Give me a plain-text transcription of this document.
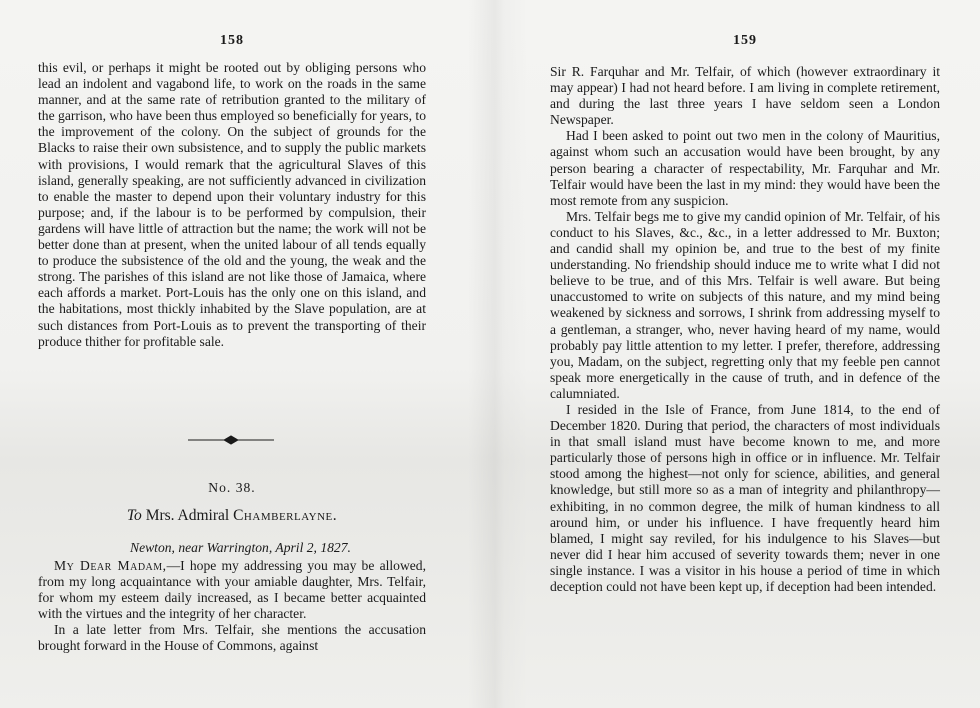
158

this evil, or perhaps it might be rooted out by obliging persons who lead an indolent and vagabond life, to work on the roads in the same manner, and at the same rate of retribution granted to the military of the garrison, who have been thus employed so beneficially for years, to the improvement of the colony. On the subject of grounds for the Blacks to raise their own subsistence, and to supply the public markets with provisions, I would remark that the agricultural Slaves of this island, generally speaking, are not sufficiently advanced in civilization to enable the master to depend upon their voluntary industry for this purpose; and, if the labour is to be performed by compulsion, their gardens will have little of attraction but the name; the work will not be better done than at present, when the united labour of all tends equally to produce the subsistence of the old and the young, the weak and the strong. The parishes of this island are not like those of Jamaica, where each affords a market. Port-Louis has the only one on this island, and the habitations, most thickly inhabited by the Slave population, are at such distances from Port-Louis as to prevent the transporting of their produce thither for profitable sale.

No. 38.
To Mrs. Admiral Chamberlayne.
Newton, near Warrington, April 2, 1827.

My Dear Madam,—I hope my addressing you may be allowed, from my long acquaintance with your amiable daughter, Mrs. Telfair, for whom my esteem daily increased, as I became better acquainted with the virtues and the integrity of her character.

In a late letter from Mrs. Telfair, she mentions the accusation brought forward in the House of Commons, against

159

Sir R. Farquhar and Mr. Telfair, of which (however extraordinary it may appear) I had not heard before. I am living in complete retirement, and during the last three years I have seldom seen a London Newspaper.

Had I been asked to point out two men in the colony of Mauritius, against whom such an accusation would have been brought, by any person bearing a character of respectability, Mr. Farquhar and Mr. Telfair would have been the last in my mind: they would have been the most remote from any suspicion.

Mrs. Telfair begs me to give my candid opinion of Mr. Telfair, of his conduct to his Slaves, &c., &c., in a letter addressed to Mr. Buxton; and candid shall my opinion be, and true to the best of my finite understanding. No friendship should induce me to write what I did not believe to be true, and of this Mrs. Telfair is well aware. But being unaccustomed to write on subjects of this nature, and my mind being weakened by sickness and sorrows, I shrink from addressing myself to a gentleman, a stranger, who, never having heard of my name, would probably pay little attention to my letter. I prefer, therefore, addressing you, Madam, on the subject, regretting only that my feeble pen cannot speak more energetically in the cause of truth, and in defence of the calumniated.

I resided in the Isle of France, from June 1814, to the end of December 1820. During that period, the characters of most individuals in that small island must have become known to me, and more particularly those of persons high in office or in influence. Mr. Telfair stood among the highest—not only for science, abilities, and general knowledge, but still more so as a man of integrity and philanthropy—exhibiting, in no common degree, the milk of human kindness to all around him, or under his influence. I have frequently heard him blamed, I might say reviled, for his indulgence to his Slaves—but never did I hear him accused of severity towards them; never in one single instance. I was a visitor in his house a period of time in which deception could not have been kept up, if deception had been intended.
